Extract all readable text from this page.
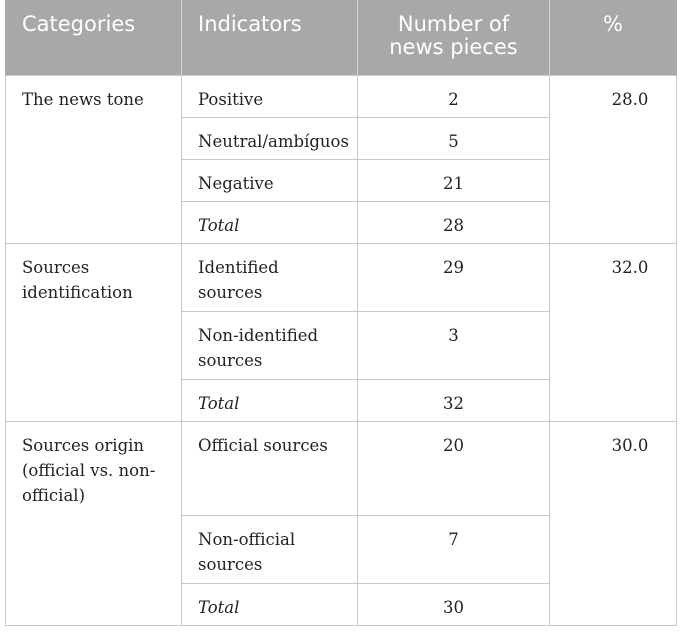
Categories	Indicators	Number of news pieces	%

The news tone	Positive	2	28.0
	Neutral/ambíguos	5	
	Negative	21	
	Total	28	
Sources identification	Identified sources	29	32.0
	Non-identified sources	3	
	Total	32	
Sources origin (official vs. non-official)	Official sources	20	30.0
	Non-official sources	7	
	Total	30	
